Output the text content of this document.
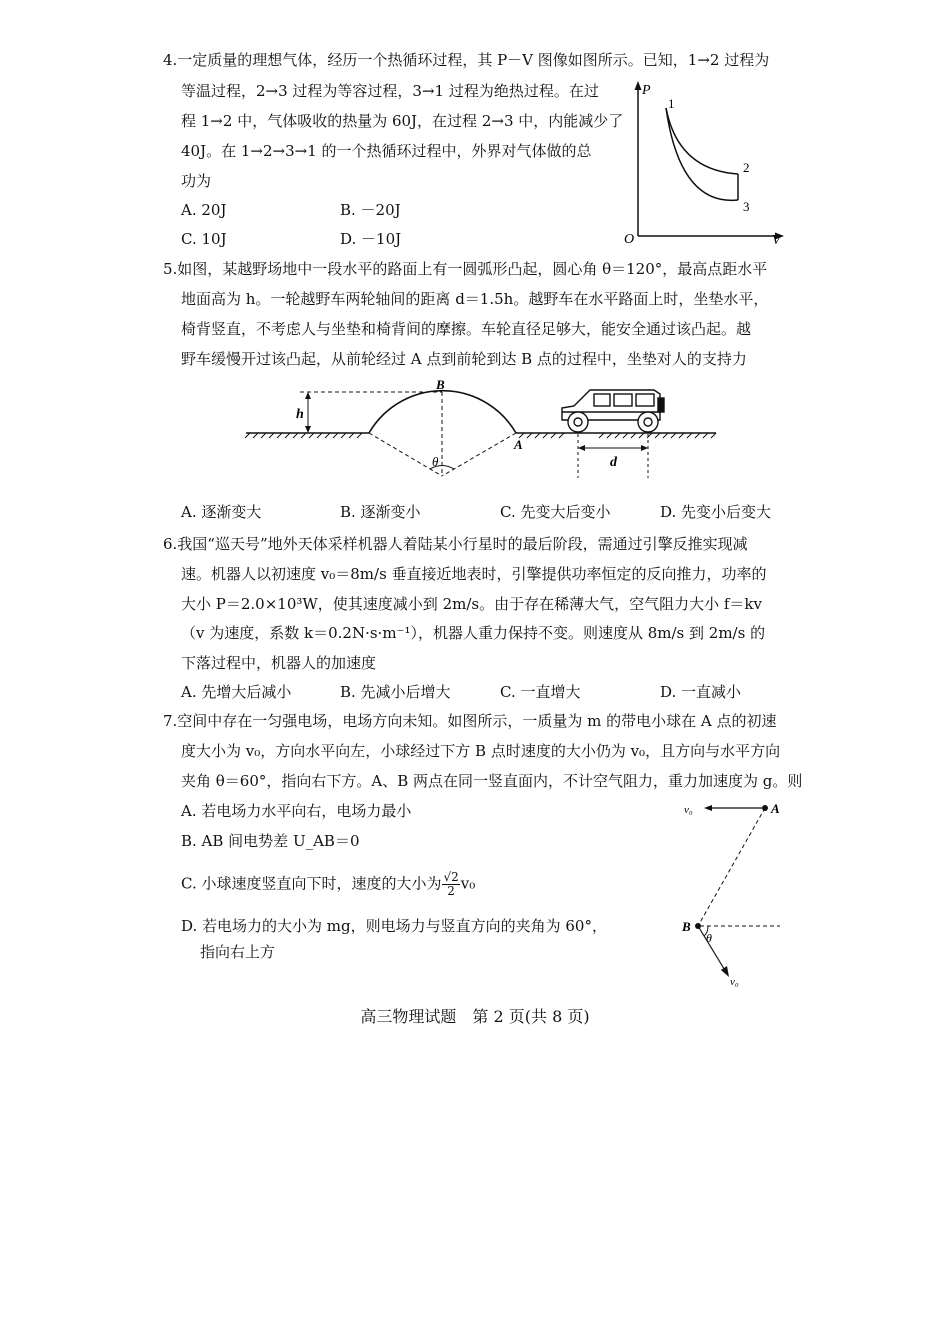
4.一定质量的理想气体，经历一个热循环过程，其 P－V 图像如图所示。已知，1→2 过程为
等温过程，2→3 过程为等容过程，3→1 过程为绝热过程。在过
程 1→2 中，气体吸收的热量为 60J，在过程 2→3 中，内能减少了
40J。在 1→2→3→1 的一个热循环过程中，外界对气体做的总
功为
A. 20J	B. －20J
C. 10J	D. －10J
P
V
O
1
2
3
5.如图，某越野场地中一段水平的路面上有一圆弧形凸起，圆心角 θ＝120°，最高点距水平
地面高为 h。一轮越野车两轮轴间的距离 d＝1.5h。越野车在水平路面上时，坐垫水平，
椅背竖直，不考虑人与坐垫和椅背间的摩擦。车轮直径足够大，能安全通过该凸起。越
野车缓慢开过该凸起，从前轮经过 A 点到前轮到达 B 点的过程中，坐垫对人的支持力
h
B
A
θ	d
A. 逐渐变大	B. 逐渐变小	C. 先变大后变小	D. 先变小后变大
6.我国“巡天号”地外天体采样机器人着陆某小行星时的最后阶段，需通过引擎反推实现减
速。机器人以初速度 v₀＝8m/s 垂直接近地表时，引擎提供功率恒定的反向推力，功率的
大小 P＝2.0×10³W，使其速度减小到 2m/s。由于存在稀薄大气，空气阻力大小 f＝kv
（v 为速度，系数 k＝0.2N·s·m⁻¹），机器人重力保持不变。则速度从 8m/s 到 2m/s 的
下落过程中，机器人的加速度
A. 先增大后减小	B. 先减小后增大	C. 一直增大	D. 一直减小
7.空间中存在一匀强电场，电场方向未知。如图所示，一质量为 m 的带电小球在 A 点的初速
度大小为 v₀，方向水平向左，小球经过下方 B 点时速度的大小仍为 v₀，且方向与水平方向
夹角 θ＝60°，指向右下方。A、B 两点在同一竖直面内，不计空气阻力，重力加速度为 g。则
A. 若电场力水平向右，电场力最小
B. AB 间电势差 U_AB＝0
C. 小球速度竖直向下时，速度的大小为 $\frac{√2}{2} v_0$
D. 若电场力的大小为 mg，则电场力与竖直方向的夹角为 60°，
指向右上方
v₀	A
B
θ
v₀
高三物理试题　第 2 页(共 8 页)
